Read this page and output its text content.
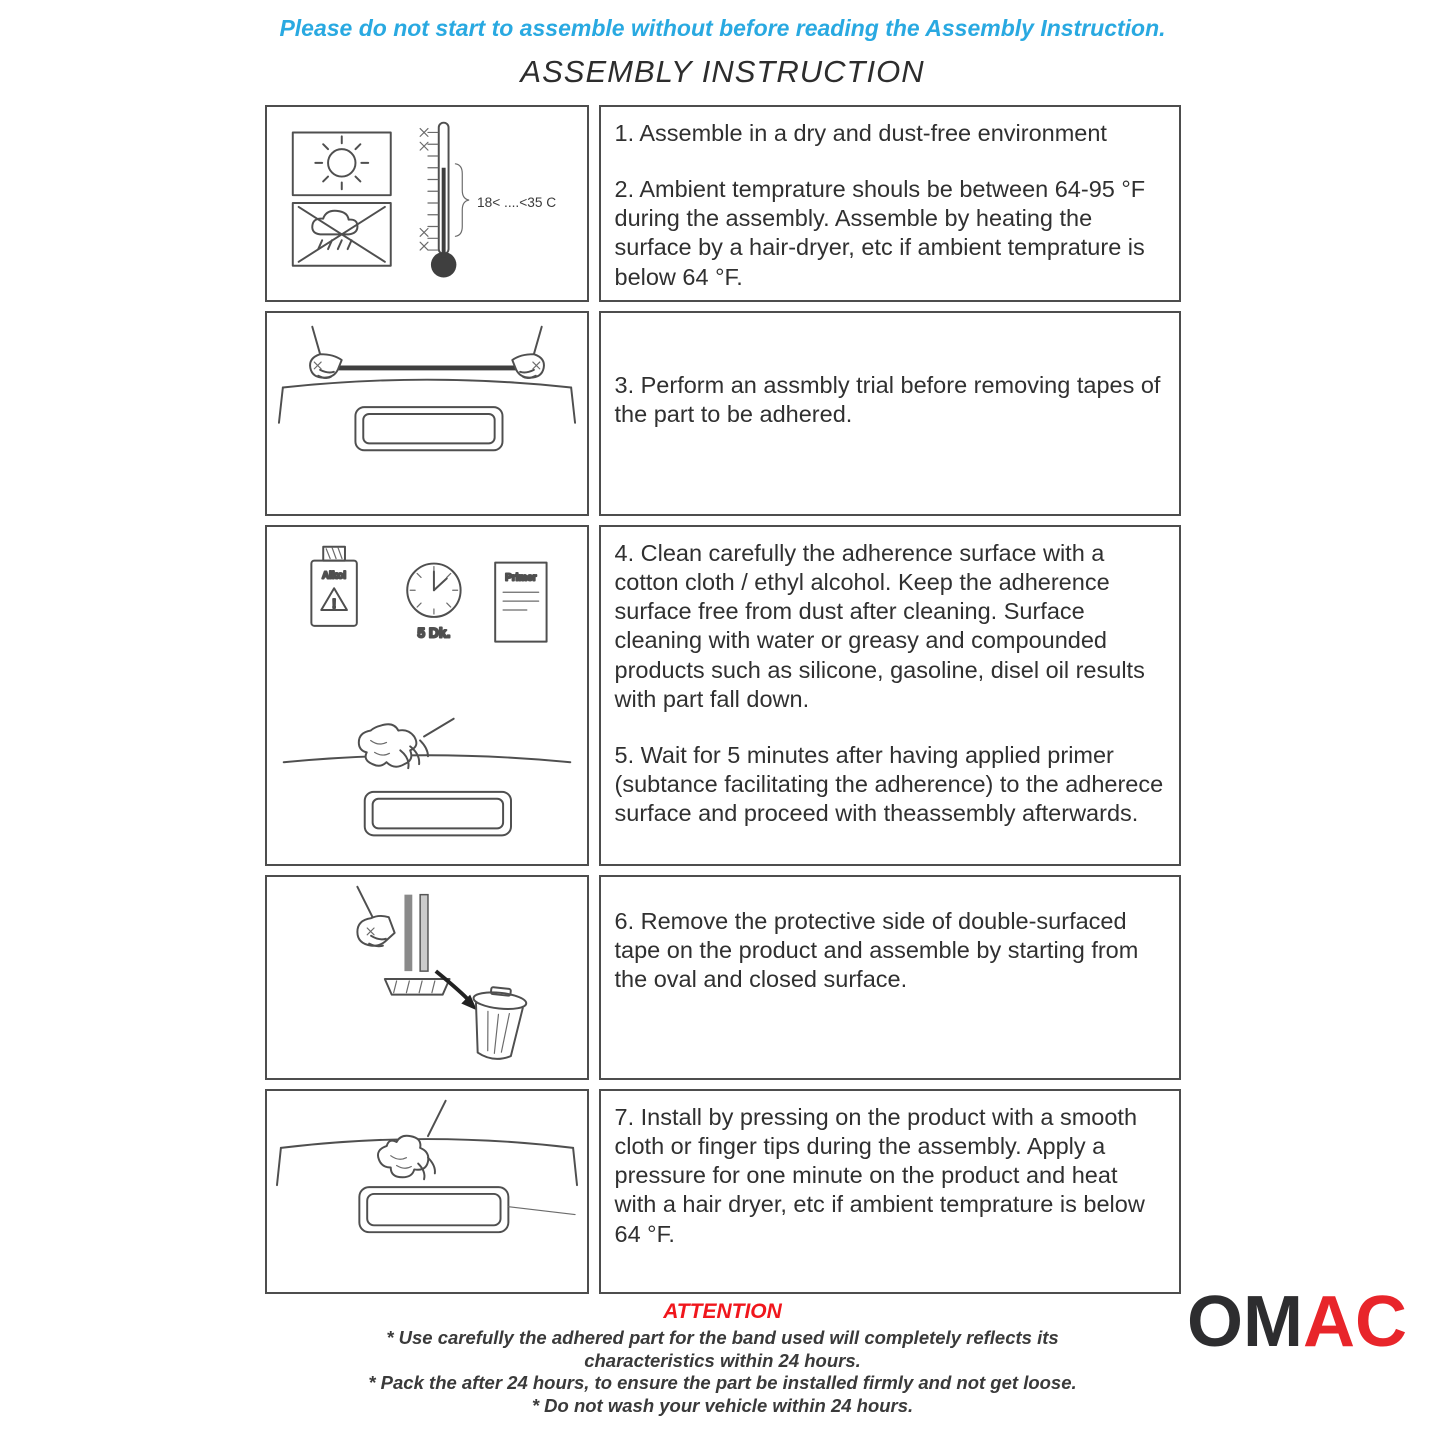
Please do not start to assemble without before reading the Assembly Instruction.
ASSEMBLY INSTRUCTION
18< ....<35 C

1. Assemble in a dry and dust-free environment

2. Ambient temprature shouls be between 64-95 °F during the assembly. Assemble by heating the surface by a hair-dryer, etc if ambient temprature is below 64 °F.

3. Perform an assmbly trial before removing tapes of the part to be adhered.

Alkol
!
5 Dk.
Primer

4. Clean carefully the adherence surface with a cotton cloth / ethyl alcohol. Keep the adherence surface free from dust after cleaning. Surface cleaning with water or greasy and compounded products such as silicone, gasoline, disel oil results with part fall down.

5. Wait for 5 minutes after having applied primer (subtance facilitating the adherence) to the adherece surface and proceed with theassembly afterwards.

6. Remove the protective side of double-surfaced tape on the product and assemble by starting from the oval and closed surface.

7. Install by pressing on the product with a smooth cloth or finger tips during the assembly. Apply a pressure for one minute on the product and heat with a hair dryer, etc if ambient temprature is below 64 °F.

ATTENTION

* Use carefully the adhered part for the band used will completely reflects its characteristics within 24 hours.

* Pack the after 24 hours, to ensure the part be installed firmly and not get loose.

* Do not wash your vehicle within 24 hours.

OMAC
